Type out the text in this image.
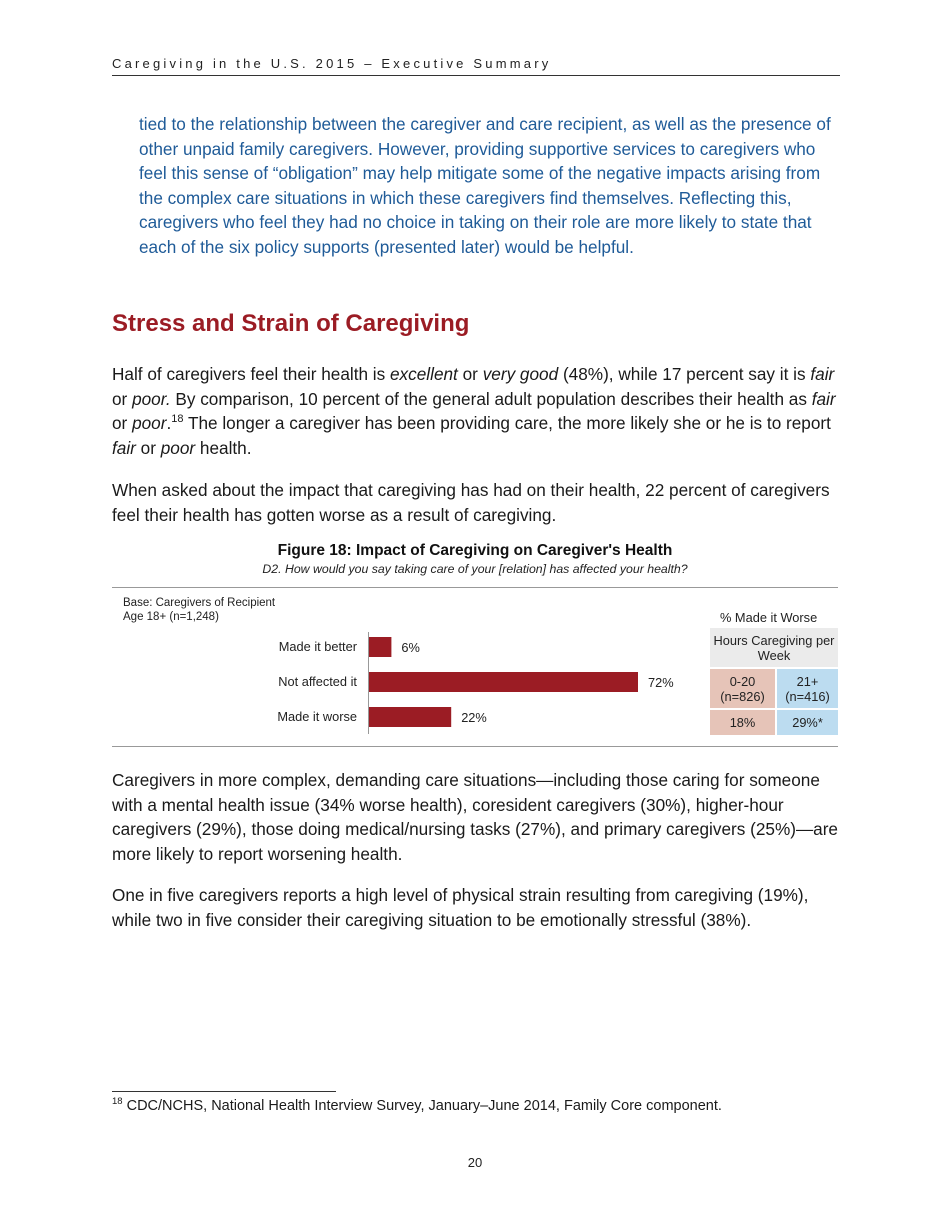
Caregiving in the U.S. 2015 – Executive Summary
tied to the relationship between the caregiver and care recipient, as well as the presence of other unpaid family caregivers. However, providing supportive services to caregivers who feel this sense of “obligation” may help mitigate some of the negative impacts arising from the complex care situations in which these caregivers find themselves. Reflecting this, caregivers who feel they had no choice in taking on their role are more likely to state that each of the six policy supports (presented later) would be helpful.
Stress and Strain of Caregiving
Half of caregivers feel their health is excellent or very good (48%), while 17 percent say it is fair or poor. By comparison, 10 percent of the general adult population describes their health as fair or poor.$^{18}$ The longer a caregiver has been providing care, the more likely she or he is to report fair or poor health.
When asked about the impact that caregiving has had on their health, 22 percent of caregivers feel their health has gotten worse as a result of caregiving.
Figure 18: Impact of Caregiving on Caregiver's Health
D2. How would you say taking care of your [relation] has affected your health?
Base: Caregivers of Recipient
Age 18+ (n=1,248)
Made it better
Not affected it
Made it worse
6%
72%
22%
% Made it Worse
Hours Caregiving per Week
0-20
(n=826)
21+
(n=416)
18%	29%*
Caregivers in more complex, demanding care situations—including those caring for someone with a mental health issue (34% worse health), coresident caregivers (30%), higher-hour caregivers (29%), those doing medical/nursing tasks (27%), and primary caregivers (25%)—are more likely to report worsening health.
One in five caregivers reports a high level of physical strain resulting from caregiving (19%), while two in five consider their caregiving situation to be emotionally stressful (38%).
$^{18}$ CDC/NCHS, National Health Interview Survey, January–June 2014, Family Core component.
20
